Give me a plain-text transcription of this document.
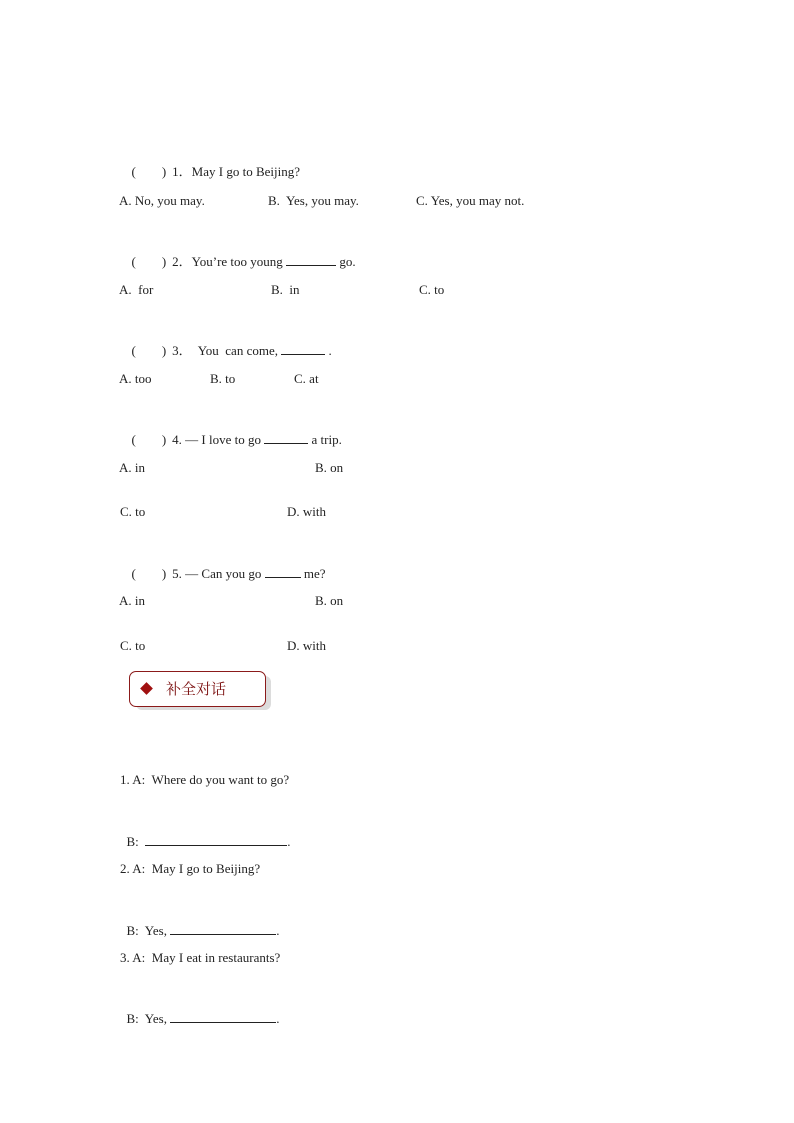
(        ) 1．May I go to Beijing?

A. No, you may.	B.  Yes, you may.	C. Yes, you may not.

(        ) 2．You’re too young	go.

A.  for	B.  in	C. to

(        ) 3．  You  can come,	.

A. too	B. to	C. at

(        ) 4. — I love to go	a trip.

A. in	B. on
C. to	D. with

(        ) 5. — Can you go	me?

A. in	B. on
C. to	D. with
补全对话
1. A:  Where do you want to go?

B:	.

2. A:  May I go to Beijing?

B:  Yes,	.

3. A:  May I eat in restaurants?

B:  Yes,	.
